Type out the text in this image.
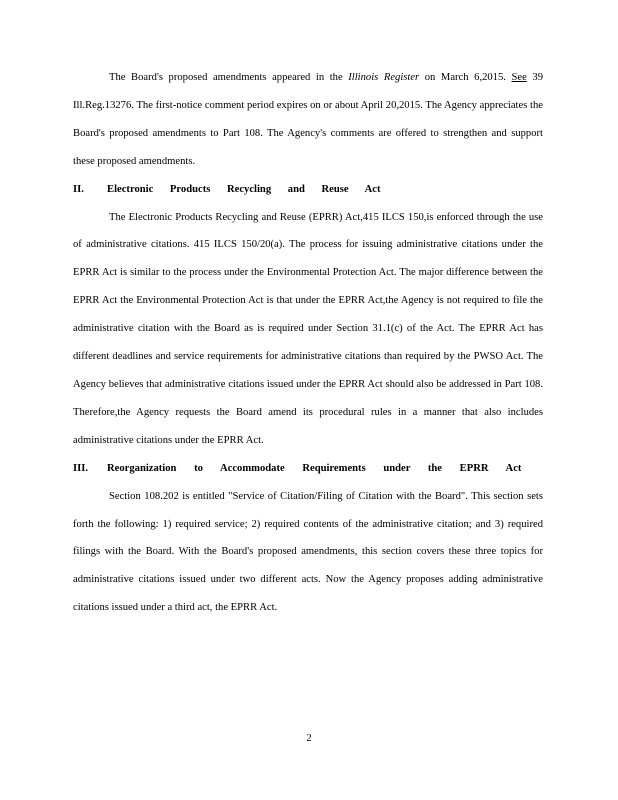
The Board's proposed amendments appeared in the Illinois Register on March 6,2015. See 39 Ill.Reg.13276. The first-notice comment period expires on or about April 20,2015. The Agency appreciates the Board's proposed amendments to Part 108. The Agency's comments are offered to strengthen and support these proposed amendments.

II.	Electronic Products Recycling and Reuse Act

The Electronic Products Recycling and Reuse (EPRR) Act,415 ILCS 150,is enforced through the use of administrative citations. 415 ILCS 150/20(a). The process for issuing administrative citations under the EPRR Act is similar to the process under the Environmental Protection Act. The major difference between the EPRR Act the Environmental Protection Act is that under the EPRR Act,the Agency is not required to file the administrative citation with the Board as is required under Section 31.1(c) of the Act. The EPRR Act has different deadlines and service requirements for administrative citations than required by the PWSO Act. The Agency believes that administrative citations issued under the EPRR Act should also be addressed in Part 108. Therefore,the Agency requests the Board amend its procedural rules in a manner that also includes administrative citations under the EPRR Act.

III.	Reorganization to Accommodate Requirements under the EPRR Act

Section 108.202 is entitled "Service of Citation/Filing of Citation with the Board". This section sets forth the following: 1) required service; 2) required contents of the administrative citation; and 3) required filings with the Board. With the Board's proposed amendments, this section covers these three topics for administrative citations issued under two different acts. Now the Agency proposes adding administrative citations issued under a third act, the EPRR Act.

2
